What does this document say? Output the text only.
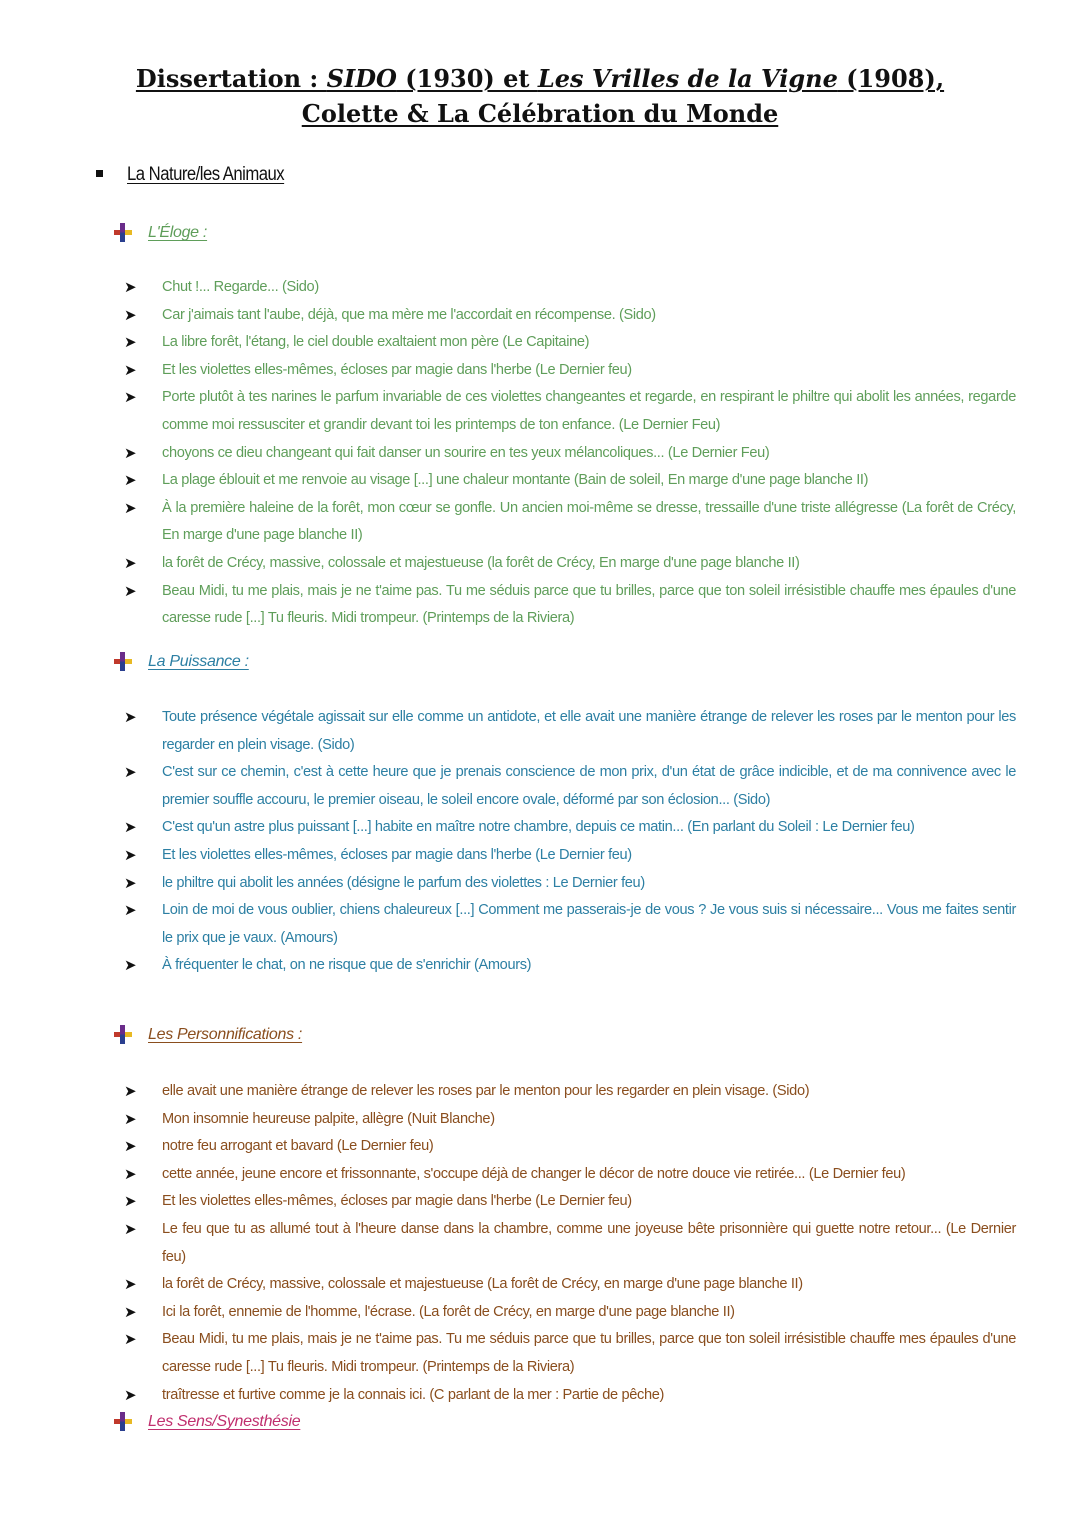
Dissertation : SIDO (1930) et Les Vrilles de la Vigne (1908),
Colette & La Célébration du Monde
La Nature/les Animaux
L'Éloge :
➤ Chut !... Regarde... (Sido)
➤ Car j'aimais tant l'aube, déjà, que ma mère me l'accordait en récompense. (Sido)
➤ La libre forêt, l'étang, le ciel double exaltaient mon père (Le Capitaine)
➤ Et les violettes elles-mêmes, écloses par magie dans l'herbe (Le Dernier feu)
➤ Porte plutôt à tes narines le parfum invariable de ces violettes changeantes et regarde, en respirant le philtre qui abolit les années, regarde comme moi ressusciter et grandir devant toi les printemps de ton enfance. (Le Dernier Feu)
➤ choyons ce dieu changeant qui fait danser un sourire en tes yeux mélancoliques... (Le Dernier Feu)
➤ La plage éblouit et me renvoie au visage [...] une chaleur montante (Bain de soleil, En marge d'une page blanche II)
➤ À la première haleine de la forêt, mon cœur se gonfle. Un ancien moi-même se dresse, tressaille d'une triste allégresse (La forêt de Crécy, En marge d'une page blanche II)
➤ la forêt de Crécy, massive, colossale et majestueuse (la forêt de Crécy, En marge d'une page blanche II)
➤ Beau Midi, tu me plais, mais je ne t'aime pas. Tu me séduis parce que tu brilles, parce que ton soleil irrésistible chauffe mes épaules d'une caresse rude [...] Tu fleuris. Midi trompeur. (Printemps de la Riviera)
La Puissance :
➤ Toute présence végétale agissait sur elle comme un antidote, et elle avait une manière étrange de relever les roses par le menton pour les regarder en plein visage. (Sido)
➤ C'est sur ce chemin, c'est à cette heure que je prenais conscience de mon prix, d'un état de grâce indicible, et de ma connivence avec le premier souffle accouru, le premier oiseau, le soleil encore ovale, déformé par son éclosion... (Sido)
➤ C'est qu'un astre plus puissant [...] habite en maître notre chambre, depuis ce matin... (En parlant du Soleil : Le Dernier feu)
➤ Et les violettes elles-mêmes, écloses par magie dans l'herbe (Le Dernier feu)
➤ le philtre qui abolit les années (désigne le parfum des violettes : Le Dernier feu)
➤ Loin de moi de vous oublier, chiens chaleureux [...] Comment me passerais-je de vous ? Je vous suis si nécessaire... Vous me faites sentir le prix que je vaux. (Amours)
➤ À fréquenter le chat, on ne risque que de s'enrichir (Amours)
Les Personnifications :
➤ elle avait une manière étrange de relever les roses par le menton pour les regarder en plein visage. (Sido)
➤ Mon insomnie heureuse palpite, allègre (Nuit Blanche)
➤ notre feu arrogant et bavard (Le Dernier feu)
➤ cette année, jeune encore et frissonnante, s'occupe déjà de changer le décor de notre douce vie retirée... (Le Dernier feu)
➤ Et les violettes elles-mêmes, écloses par magie dans l'herbe (Le Dernier feu)
➤ Le feu que tu as allumé tout à l'heure danse dans la chambre, comme une joyeuse bête prisonnière qui guette notre retour... (Le Dernier feu)
➤ la forêt de Crécy, massive, colossale et majestueuse (La forêt de Crécy, en marge d'une page blanche II)
➤ Ici la forêt, ennemie de l'homme, l'écrase. (La forêt de Crécy, en marge d'une page blanche II)
➤ Beau Midi, tu me plais, mais je ne t'aime pas. Tu me séduis parce que tu brilles, parce que ton soleil irrésistible chauffe mes épaules d'une caresse rude [...] Tu fleuris. Midi trompeur. (Printemps de la Riviera)
➤ traîtresse et furtive comme je la connais ici. (C parlant de la mer : Partie de pêche)
Les Sens/Synesthésie
